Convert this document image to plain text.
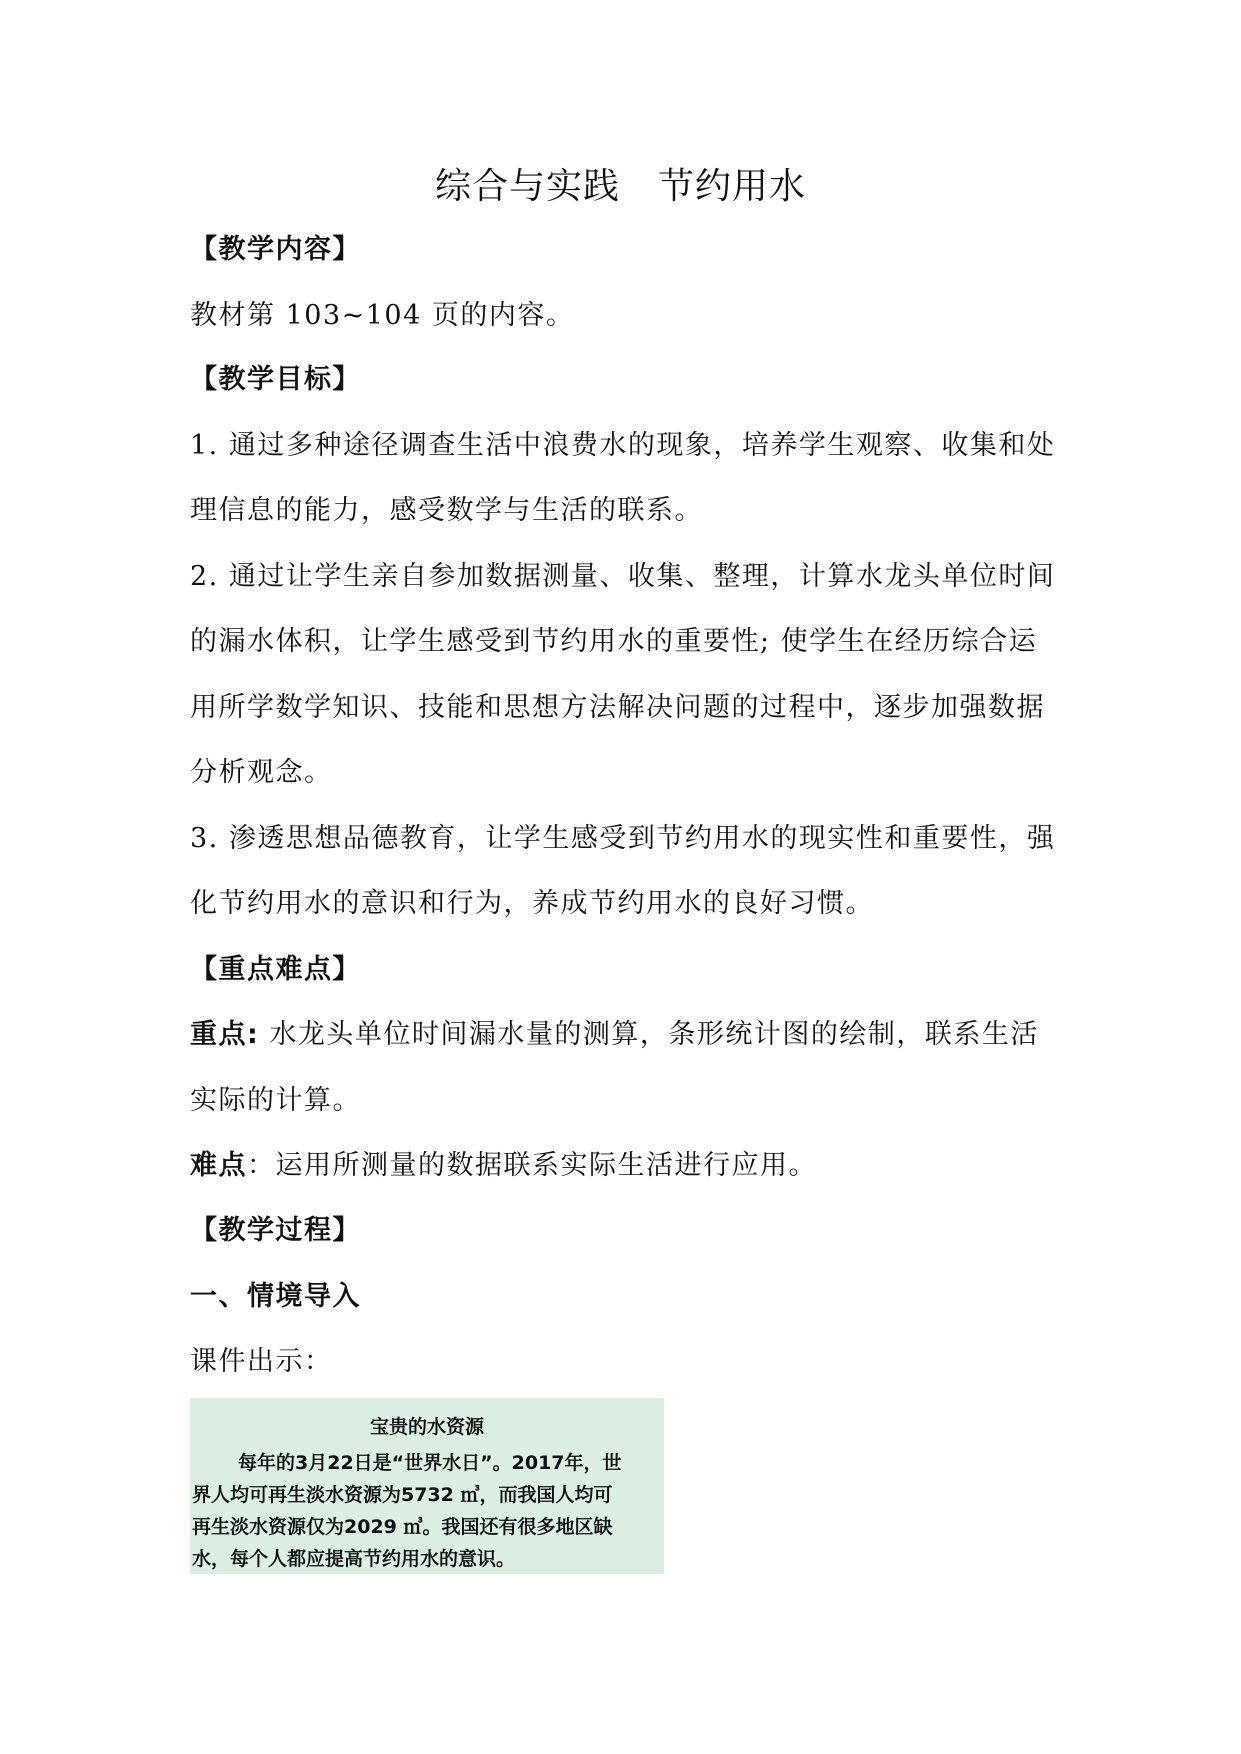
综合与实践 节约用水
【教学内容】
教材第 103~104 页的内容。
【教学目标】
1. 通过多种途径调查生活中浪费水的现象，培养学生观察、收集和处
理信息的能力，感受数学与生活的联系。
2. 通过让学生亲自参加数据测量、收集、整理，计算水龙头单位时间
的漏水体积，让学生感受到节约用水的重要性; 使学生在经历综合运
用所学数学知识、技能和思想方法解决问题的过程中，逐步加强数据
分析观念。
3. 渗透思想品德教育，让学生感受到节约用水的现实性和重要性，强
化节约用水的意识和行为，养成节约用水的良好习惯。
【重点难点】
重点: 水龙头单位时间漏水量的测算，条形统计图的绘制，联系生活
实际的计算。
难点：运用所测量的数据联系实际生活进行应用。
【教学过程】
一、情境导入
课件出示：
宝贵的水资源
每年的3月22日是“世界水日”。2017年，世
界人均可再生淡水资源为5732 ㎥，而我国人均可
再生淡水资源仅为2029 ㎥。我国还有很多地区缺
水，每个人都应提高节约用水的意识。
